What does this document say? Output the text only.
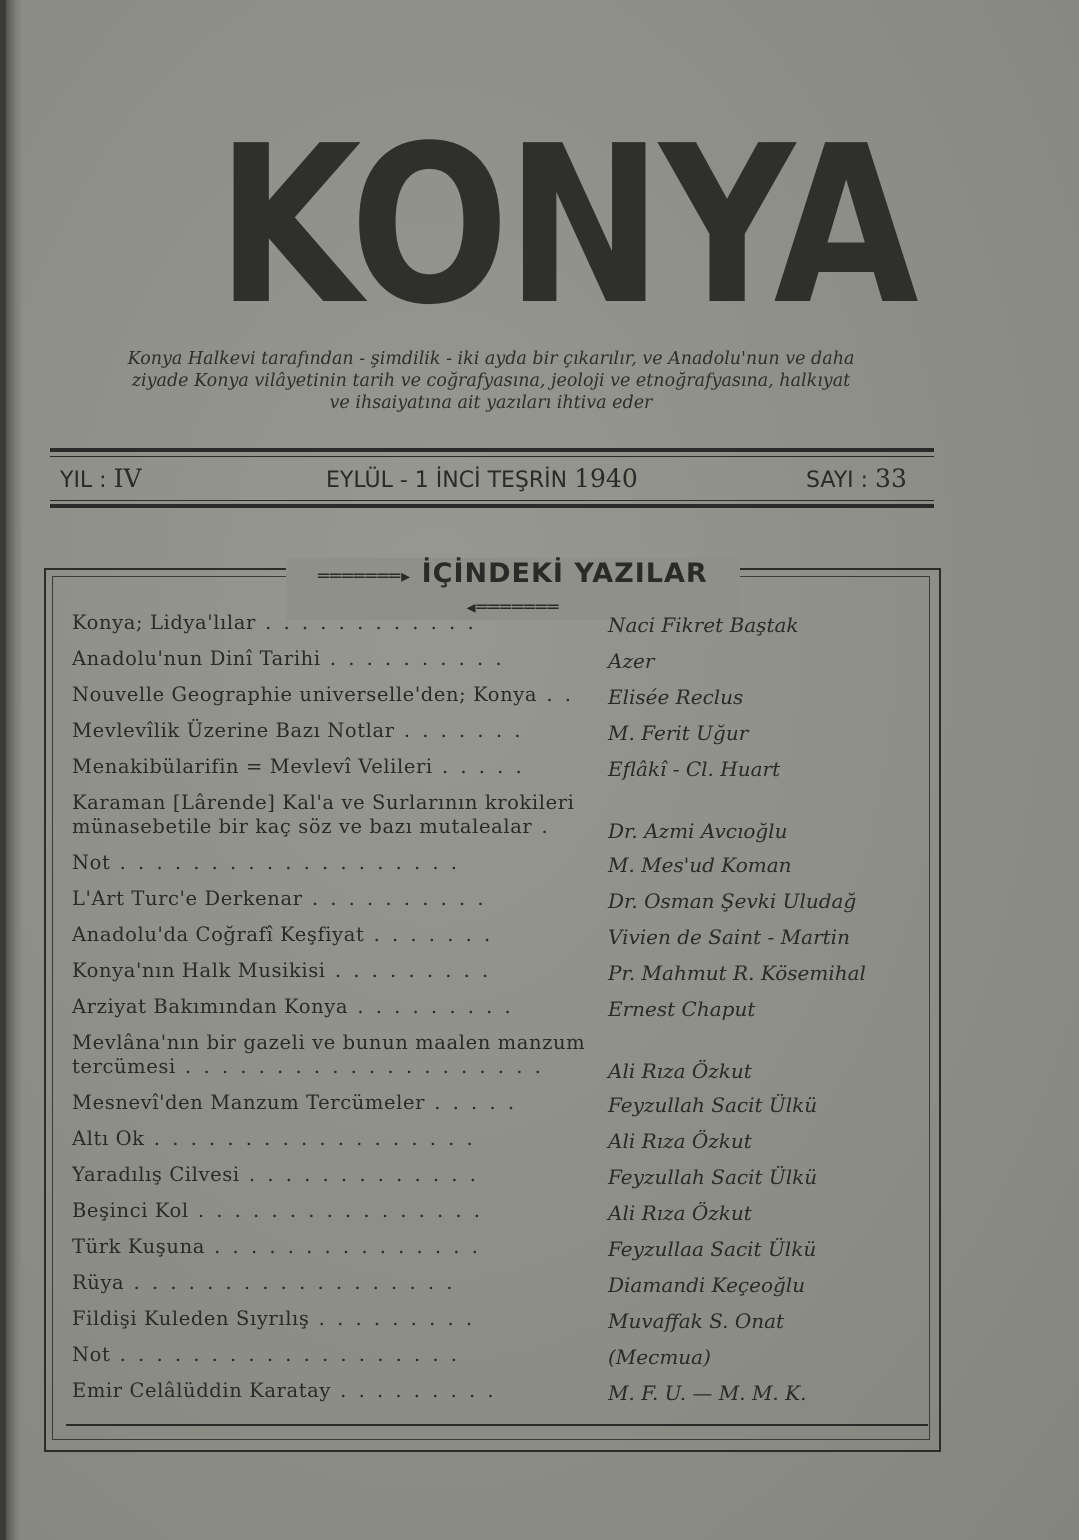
KONYA
Konya Halkevi tarafından - şimdilik - iki ayda bir çıkarılır, ve Anadolu'nun ve daha
ziyade Konya vilâyetinin tarih ve coğrafyasına, jeoloji ve etnoğrafyasına, halkıyat
ve ihsaiyatına ait yazıları ihtiva eder
YIL : IV	EYLÜL - 1 İNCİ TEŞRİN 1940	SAYI : 33
═══════▸ İÇİNDEKİ YAZILAR ◂═══════
Konya; Lidya'lılar . . . . . . . . . . . .	Naci Fikret Baştak
Anadolu'nun Dinî Tarihi . . . . . . . . . .	Azer
Nouvelle Geographie universelle'den; Konya . .	Elisée Reclus
Mevlevîlik Üzerine Bazı Notlar . . . . . . .	M. Ferit Uğur
Menakibülarifin = Mevlevî Velileri . . . . .	Eflâkî - Cl. Huart
Karaman [Lârende] Kal'a ve Surlarının krokileri münasebetile bir kaç söz ve bazı mutalealar .	Dr. Azmi Avcıoğlu
Not . . . . . . . . . . . . . . . . . . .	M. Mes'ud Koman
L'Art Turc'e Derkenar . . . . . . . . . .	Dr. Osman Şevki Uludağ
Anadolu'da Coğrafî Keşfiyat . . . . . . .	Vivien de Saint - Martin
Konya'nın Halk Musikisi . . . . . . . . .	Pr. Mahmut R. Kösemihal
Arziyat Bakımından Konya . . . . . . . . .	Ernest Chaput
Mevlâna'nın bir gazeli ve bunun maalen manzum tercümesi . . . . . . . . . . . . . . . . . . . .	Ali Rıza Özkut
Mesnevî'den Manzum Tercümeler . . . . .	Feyzullah Sacit Ülkü
Altı Ok . . . . . . . . . . . . . . . . . .	Ali Rıza Özkut
Yaradılış Cilvesi . . . . . . . . . . . . .	Feyzullah Sacit Ülkü
Beşinci Kol . . . . . . . . . . . . . . . .	Ali Rıza Özkut
Türk Kuşuna . . . . . . . . . . . . . . .	Feyzullaa Sacit Ülkü
Rüya . . . . . . . . . . . . . . . . . .	Diamandi Keçeoğlu
Fildişi Kuleden Sıyrılış . . . . . . . . .	Muvaffak S. Onat
Not . . . . . . . . . . . . . . . . . . .	(Mecmua)
Emir Celâlüddin Karatay . . . . . . . . .	M. F. U. — M. M. K.
